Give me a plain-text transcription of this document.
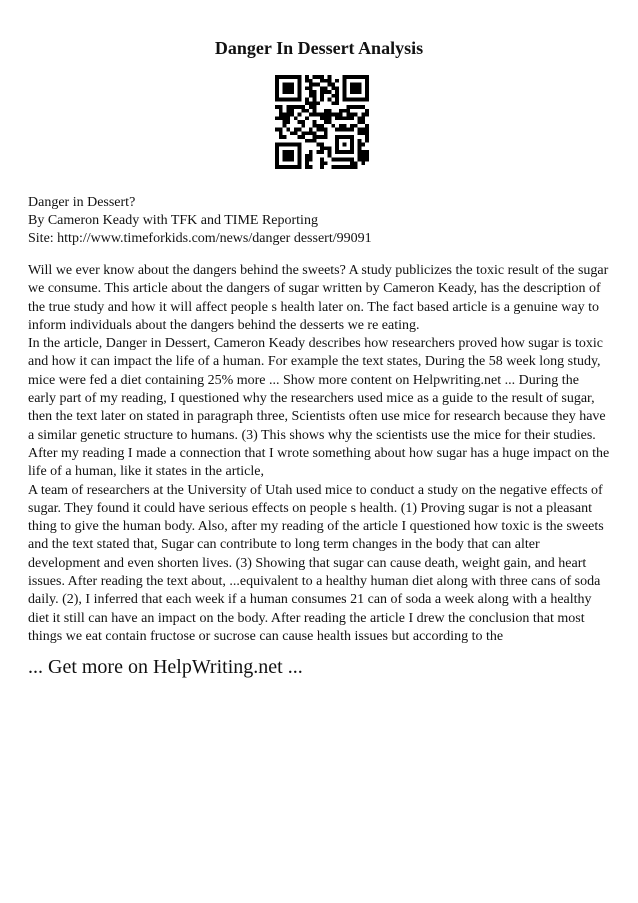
Danger In Dessert Analysis
Danger in Dessert?
By Cameron Keady with TFK and TIME Reporting
Site: http://www.timeforkids.com/news/danger dessert/99091

Will we ever know about the dangers behind the sweets? A study publicizes the toxic result of the sugar we consume. This article about the dangers of sugar written by Cameron Keady, has the description of the true study and how it will affect people s health later on. The fact based article is a genuine way to inform individuals about the dangers behind the desserts we re eating.

In the article, Danger in Dessert, Cameron Keady describes how researchers proved how sugar is toxic and how it can impact the life of a human. For example the text states, During the 58 week long study, mice were fed a diet containing 25% more ... Show more content on Helpwriting.net ... During the early part of my reading, I questioned why the researchers used mice as a guide to the result of sugar, then the text later on stated in paragraph three, Scientists often use mice for research because they have a similar genetic structure to humans. (3) This shows why the scientists use the mice for their studies. After my reading I made a connection that I wrote something about how sugar has a huge impact on the life of a human, like it states in the article,

A team of researchers at the University of Utah used mice to conduct a study on the negative effects of sugar. They found it could have serious effects on people s health. (1) Proving sugar is not a pleasant thing to give the human body. Also, after my reading of the article I questioned how toxic is the sweets and the text stated that, Sugar can contribute to long term changes in the body that can alter development and even shorten lives. (3) Showing that sugar can cause death, weight gain, and heart issues. After reading the text about, ...equivalent to a healthy human diet along with three cans of soda daily. (2), I inferred that each week if a human consumes 21 can of soda a week along with a healthy diet it still can have an impact on the body. After reading the article I drew the conclusion that most things we eat contain fructose or sucrose can cause health issues but according to the

... Get more on HelpWriting.net ...
